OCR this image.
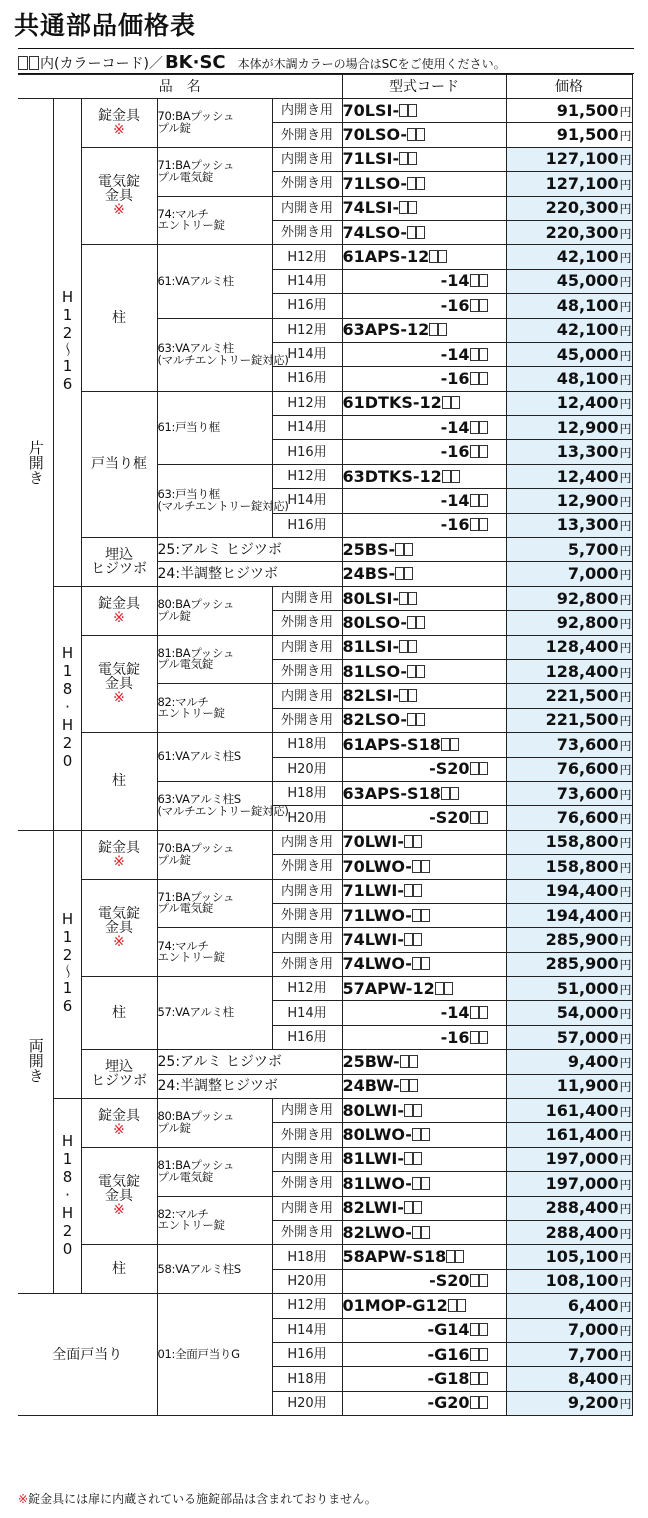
共通部品価格表
内(カラーコード)／ BK·SC 本体が木調カラーの場合はSCをご使用ください。
品　名					型式コード	価格
片開き	H12〜16	錠金具

※	70:BAプッシュ
プル錠	内開き用	70LSI-	91,500円
				外開き用	70LSO-	91,500円
		電気錠
金具

※	71:BAプッシュ
プル電気錠	内開き用	71LSI-	127,100円
				外開き用	71LSO-	127,100円
			74:マルチ
エントリー錠	内開き用	74LSI-	220,300円
				外開き用	74LSO-	220,300円
		柱	61:VAアルミ柱	H12用	61APS-12	42,100円
				H14用	-14	45,000円
				H16用	-16	48,100円
			63:VAアルミ柱
(マルチエントリー錠対応)	H12用	63APS-12	42,100円
				H14用	-14	45,000円
				H16用	-16	48,100円
		戸当り框	61:戸当り框	H12用	61DTKS-12	12,400円
				H14用	-14	12,900円
				H16用	-16	13,300円
			63:戸当り框
(マルチエントリー錠対応)	H12用	63DTKS-12	12,400円
				H14用	-14	12,900円
				H16用	-16	13,300円
		埋込
ヒジツボ	25:アルミ ヒジツボ		25BS-	5,700円
			24:半調整ヒジツボ		24BS-	7,000円
	H18·H20	錠金具

※	80:BAプッシュ
プル錠	内開き用	80LSI-	92,800円
				外開き用	80LSO-	92,800円
		電気錠
金具

※	81:BAプッシュ
プル電気錠	内開き用	81LSI-	128,400円
				外開き用	81LSO-	128,400円
			82:マルチ
エントリー錠	内開き用	82LSI-	221,500円
				外開き用	82LSO-	221,500円
		柱	61:VAアルミ柱S	H18用	61APS-S18	73,600円
				H20用	-S20	76,600円
			63:VAアルミ柱S
(マルチエントリー錠対応)	H18用	63APS-S18	73,600円
				H20用	-S20	76,600円
両開き	H12〜16	錠金具

※	70:BAプッシュ
プル錠	内開き用	70LWI-	158,800円
				外開き用	70LWO-	158,800円
		電気錠
金具

※	71:BAプッシュ
プル電気錠	内開き用	71LWI-	194,400円
				外開き用	71LWO-	194,400円
			74:マルチ
エントリー錠	内開き用	74LWI-	285,900円
				外開き用	74LWO-	285,900円
		柱	57:VAアルミ柱	H12用	57APW-12	51,000円
				H14用	-14	54,000円
				H16用	-16	57,000円
		埋込
ヒジツボ	25:アルミ ヒジツボ		25BW-	9,400円
			24:半調整ヒジツボ		24BW-	11,900円
	H18·H20	錠金具

※	80:BAプッシュ
プル錠	内開き用	80LWI-	161,400円
				外開き用	80LWO-	161,400円
		電気錠
金具

※	81:BAプッシュ
プル電気錠	内開き用	81LWI-	197,000円
				外開き用	81LWO-	197,000円
			82:マルチ
エントリー錠	内開き用	82LWI-	288,400円
				外開き用	82LWO-	288,400円
		柱	58:VAアルミ柱S	H18用	58APW-S18	105,100円
				H20用	-S20	108,100円
全面戸当り			01:全面戸当りG	H12用	01MOP-G12	6,400円
				H14用	-G14	7,000円
				H16用	-G16	7,700円
				H18用	-G18	8,400円
				H20用	-G20	9,200円
※錠金具には扉に内蔵されている施錠部品は含まれておりません。
